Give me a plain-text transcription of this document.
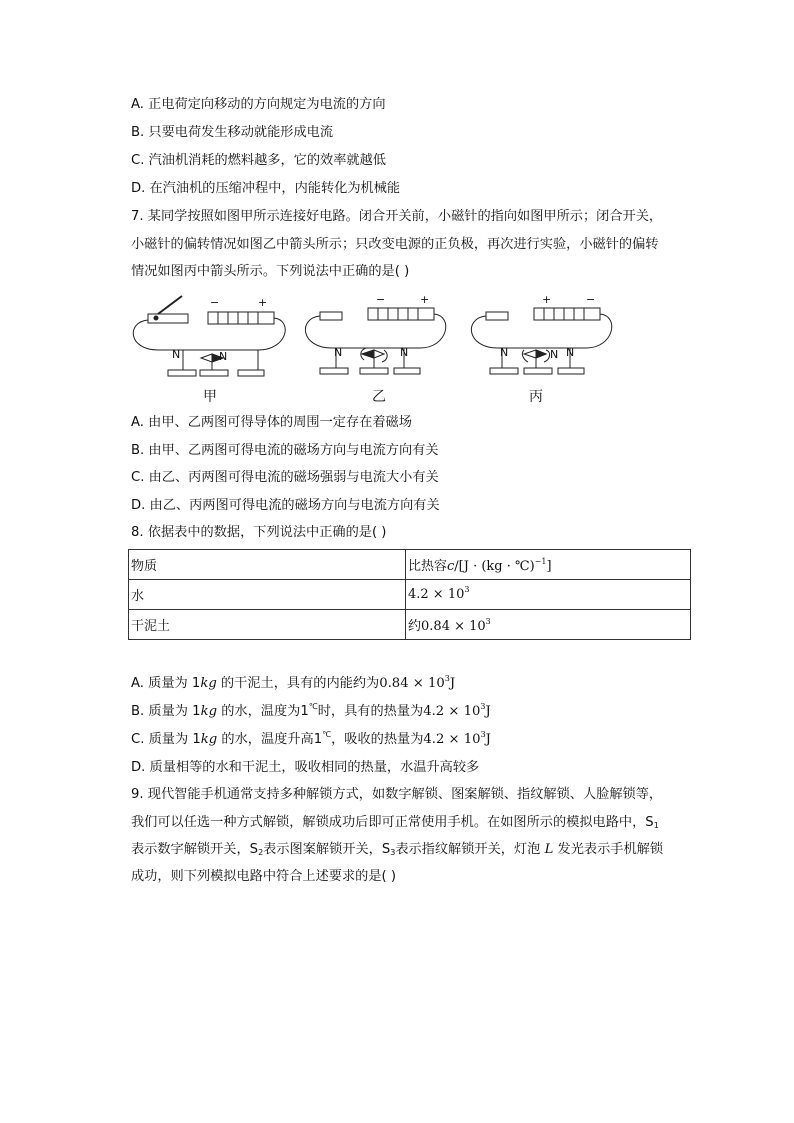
A. 正电荷定向移动的方向规定为电流的方向
B. 只要电荷发生移动就能形成电流
C. 汽油机消耗的燃料越多，它的效率就越低
D. 在汽油机的压缩冲程中，内能转化为机械能
7. 某同学按照如图甲所示连接好电路。闭合开关前，小磁针的指向如图甲所示；闭合开关，
小磁针的偏转情况如图乙中箭头所示；只改变电源的正负极，再次进行实验，小磁针的偏转
情况如图丙中箭头所示。下列说法中正确的是( )
−	+
N	N
−	+
N	N
+	−
N	N N
甲	乙	丙
A. 由甲、乙两图可得导体的周围一定存在着磁场
B. 由甲、乙两图可得电流的磁场方向与电流方向有关
C. 由乙、丙两图可得电流的磁场强弱与电流大小有关
D. 由乙、丙两图可得电流的磁场方向与电流方向有关
8. 依据表中的数据，下列说法中正确的是( )
物质	比热容c/[J · (kg · ℃)$^{-1}$]
水	$4.2 \times 10^3$
干泥土	约$0.84 \times 10^3$
A. 质量为 1kg 的干泥土，具有的内能约为$0.84 \times 10^3J$
B. 质量为 1kg 的水，温度为1℃时，具有的热量为$4.2 \times 10^3J$
C. 质量为 1kg 的水，温度升高1℃，吸收的热量为$4.2 \times 10^3J$
D. 质量相等的水和干泥土，吸收相同的热量，水温升高较多
9. 现代智能手机通常支持多种解锁方式，如数字解锁、图案解锁、指纹解锁、人脸解锁等，
我们可以任选一种方式解锁，解锁成功后即可正常使用手机。在如图所示的模拟电路中，$S_1$
表示数字解锁开关，$S_2$表示图案解锁开关，$S_3$表示指纹解锁开关，灯泡 L 发光表示手机解锁
成功，则下列模拟电路中符合上述要求的是( )
